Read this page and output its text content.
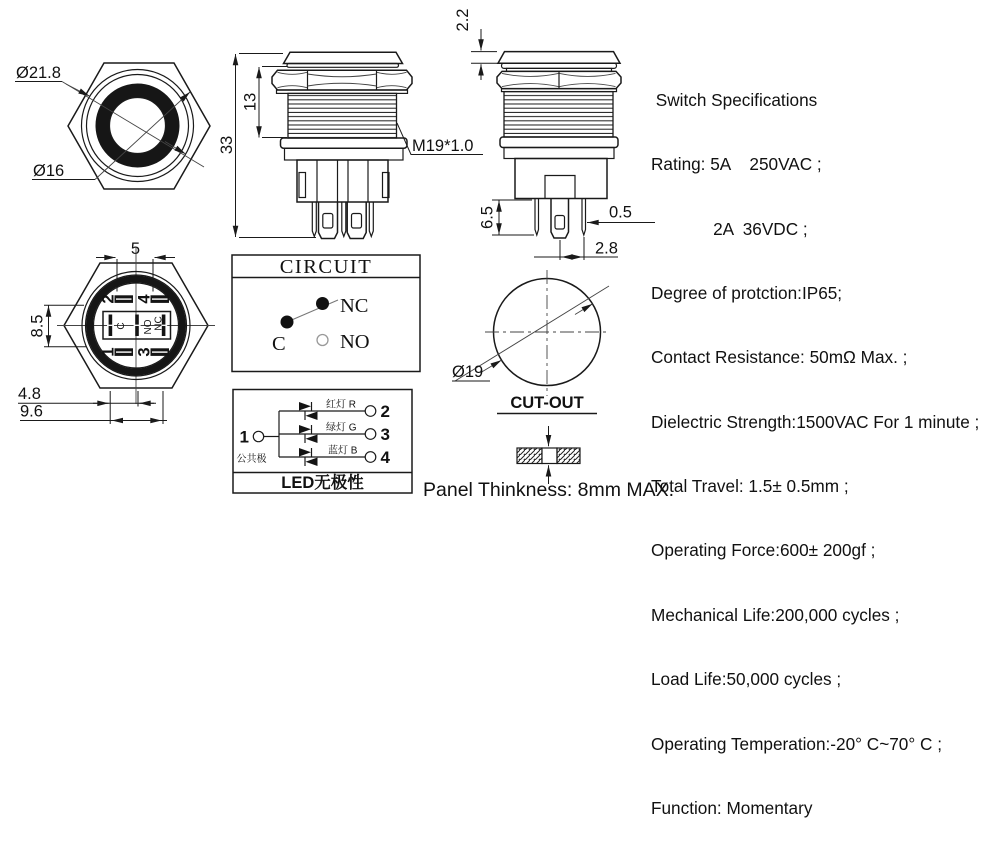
Ø21.8
Ø16
33
13
M19*1.0
2.2
6.5	0.5
2.8
5
C NO NC
2 4
1 3
8.5
4.8
9.6
CIRCUIT
C
NC
NO
1
公共极
红灯 R 2
绿灯 G 3
蓝灯 B 4
LED无极性
Ø19
CUT-OUT

Switch Specifications

Rating: 5A    250VAC ;

2A  36VDC ;

Degree of protction:IP65;

Contact Resistance: 50mΩ Max. ;

Dielectric Strength:1500VAC For 1 minute ;

Total Travel: 1.5± 0.5mm ;

Operating Force:600± 200gf ;

Mechanical Life:200,000 cycles ;

Load Life:50,000 cycles ;

Operating Temperation:-20° C~70° C ;

Function: Momentary

Panel Thinkness: 8mm MAX.
